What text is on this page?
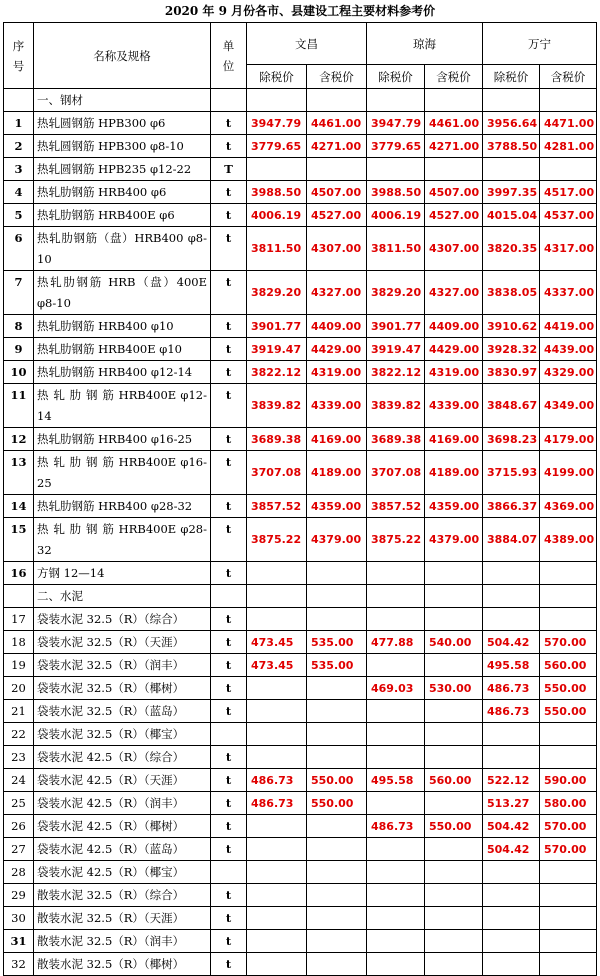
2020 年 9 月份各市、县建设工程主要材料参考价
序号	名称及规格	单位	文昌		琼海		万宁	
			除税价	含税价	除税价	含税价	除税价	含税价
	一、钢材							
1	热轧圆钢筋 HPB300 φ6	t	3947.79	4461.00	3947.79	4461.00	3956.64	4471.00
2	热轧圆钢筋 HPB300 φ8-10	t	3779.65	4271.00	3779.65	4271.00	3788.50	4281.00
3	热轧圆钢筋 HPB235 φ12-22	T						
4	热轧肋钢筋 HRB400 φ6	t	3988.50	4507.00	3988.50	4507.00	3997.35	4517.00
5	热轧肋钢筋 HRB400E φ6	t	4006.19	4527.00	4006.19	4527.00	4015.04	4537.00
6	热轧肋钢筋（盘）HRB400 φ8-10	t	3811.50	4307.00	3811.50	4307.00	3820.35	4317.00
7	热轧肋钢筋 HRB（盘）400E φ8-10	t	3829.20	4327.00	3829.20	4327.00	3838.05	4337.00
8	热轧肋钢筋 HRB400 φ10	t	3901.77	4409.00	3901.77	4409.00	3910.62	4419.00
9	热轧肋钢筋 HRB400E φ10	t	3919.47	4429.00	3919.47	4429.00	3928.32	4439.00
10	热轧肋钢筋 HRB400 φ12-14	t	3822.12	4319.00	3822.12	4319.00	3830.97	4329.00
11	热 轧 肋 钢 筋 HRB400E φ12-14	t	3839.82	4339.00	3839.82	4339.00	3848.67	4349.00
12	热轧肋钢筋 HRB400 φ16-25	t	3689.38	4169.00	3689.38	4169.00	3698.23	4179.00
13	热 轧 肋 钢 筋 HRB400E φ16-25	t	3707.08	4189.00	3707.08	4189.00	3715.93	4199.00
14	热轧肋钢筋 HRB400 φ28-32	t	3857.52	4359.00	3857.52	4359.00	3866.37	4369.00
15	热 轧 肋 钢 筋 HRB400E φ28-32	t	3875.22	4379.00	3875.22	4379.00	3884.07	4389.00
16	方钢 12—14	t						
	二、水泥							
17	袋装水泥 32.5（R）（综合）	t						
18	袋装水泥 32.5（R）（天涯）	t	473.45	535.00	477.88	540.00	504.42	570.00
19	袋装水泥 32.5（R）（润丰）	t	473.45	535.00			495.58	560.00
20	袋装水泥 32.5（R）（椰树）	t			469.03	530.00	486.73	550.00
21	袋装水泥 32.5（R）（蓝岛）	t					486.73	550.00
22	袋装水泥 32.5（R）（椰宝）							
23	袋装水泥 42.5（R）（综合）	t						
24	袋装水泥 42.5（R）（天涯）	t	486.73	550.00	495.58	560.00	522.12	590.00
25	袋装水泥 42.5（R）（润丰）	t	486.73	550.00			513.27	580.00
26	袋装水泥 42.5（R）（椰树）	t			486.73	550.00	504.42	570.00
27	袋装水泥 42.5（R）（蓝岛）	t					504.42	570.00
28	袋装水泥 42.5（R）（椰宝）							
29	散装水泥 32.5（R）（综合）	t						
30	散装水泥 32.5（R）（天涯）	t						
31	散装水泥 32.5（R）（润丰）	t						
32	散装水泥 32.5（R）（椰树）	t						
